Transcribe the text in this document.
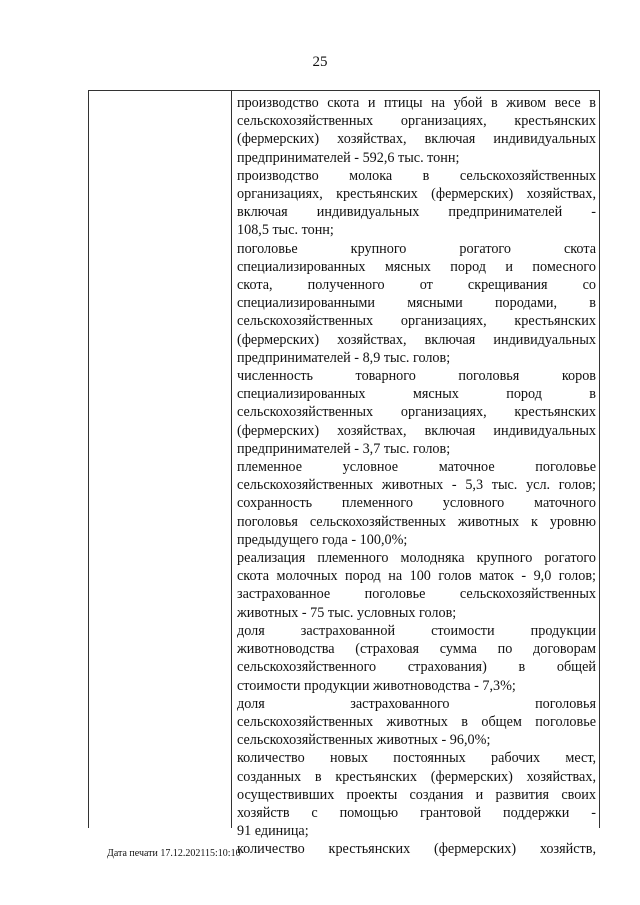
25
производство скота и птицы на убой в живом весе в
сельскохозяйственных организациях, крестьянских
(фермерских) хозяйствах, включая индивидуальных
предпринимателей - 592,6 тыс. тонн;
производство молока в сельскохозяйственных
организациях, крестьянских (фермерских) хозяйствах,
включая индивидуальных предпринимателей -
108,5 тыс. тонн;
поголовье крупного рогатого скота
специализированных мясных пород и помесного
скота, полученного от скрещивания со
специализированными мясными породами, в
сельскохозяйственных организациях, крестьянских
(фермерских) хозяйствах, включая индивидуальных
предпринимателей - 8,9 тыс. голов;
численность товарного поголовья коров
специализированных мясных пород в
сельскохозяйственных организациях, крестьянских
(фермерских) хозяйствах, включая индивидуальных
предпринимателей - 3,7 тыс. голов;
племенное условное маточное поголовье
сельскохозяйственных животных - 5,3 тыс. усл. голов;
сохранность племенного условного маточного
поголовья сельскохозяйственных животных к уровню
предыдущего года - 100,0%;
реализация племенного молодняка крупного рогатого
скота молочных пород на 100 голов маток - 9,0 голов;
застрахованное поголовье сельскохозяйственных
животных - 75 тыс. условных голов;
доля застрахованной стоимости продукции
животноводства (страховая сумма по договорам
сельскохозяйственного страхования) в общей
стоимости продукции животноводства - 7,3%;
доля застрахованного поголовья
сельскохозяйственных животных в общем поголовье
сельскохозяйственных животных - 96,0%;
количество новых постоянных рабочих мест,
созданных в крестьянских (фермерских) хозяйствах,
осуществивших проекты создания и развития своих
хозяйств с помощью грантовой поддержки -
91 единица;
количество крестьянских (фермерских) хозяйств,
Дата печати 17.12.202115:10:10
